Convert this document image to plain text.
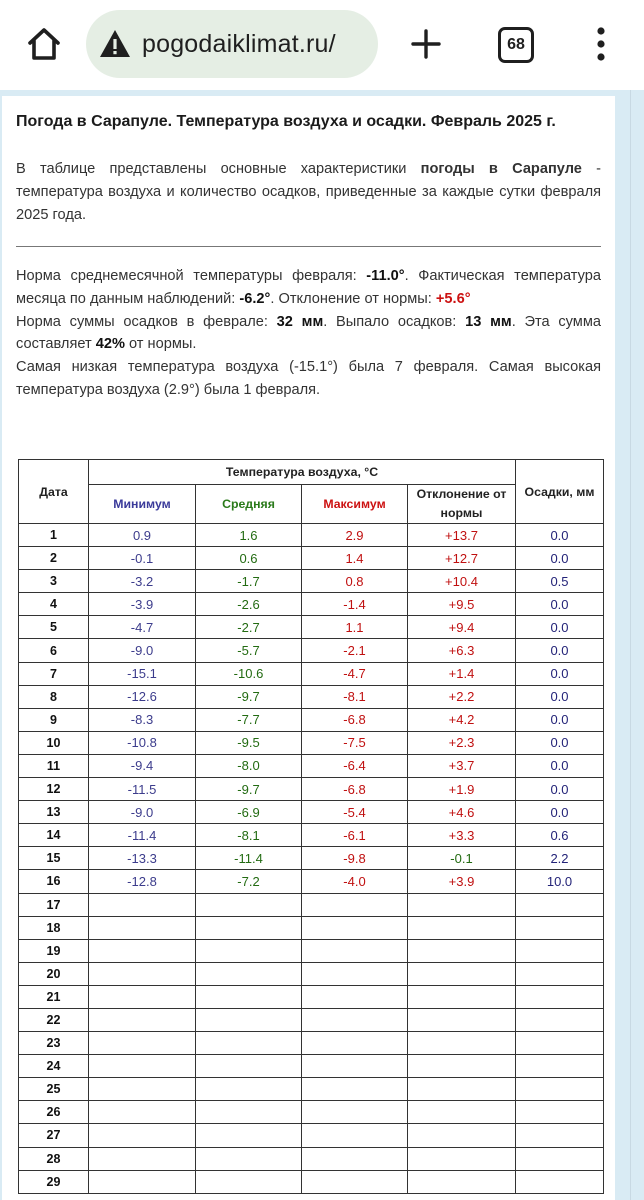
pogodaiklimat.ru/	68
Погода в Сарапуле. Температура воздуха и осадки. Февраль 2025 г.

В таблице представлены основные характеристики погоды в Сарапуле - температура воздуха и количество осадков, приведенные за каждые сутки февраля 2025 года.

Норма среднемесячной температуры февраля: -11.0°. Фактическая температура месяца по данным наблюдений: -6.2°. Отклонение от нормы: +5.6°
Норма суммы осадков в феврале: 32 мм. Выпало осадков: 13 мм. Эта сумма составляет 42% от нормы.
Самая низкая температура воздуха (-15.1°) была 7 февраля. Самая высокая температура воздуха (2.9°) была 1 февраля.

Дата	Температура воздуха, °C				Осадки, мм
	Минимум	Средняя	Максимум	Отклонение от нормы	
1	0.9	1.6	2.9	+13.7	0.0
2	-0.1	0.6	1.4	+12.7	0.0
3	-3.2	-1.7	0.8	+10.4	0.5
4	-3.9	-2.6	-1.4	+9.5	0.0
5	-4.7	-2.7	1.1	+9.4	0.0
6	-9.0	-5.7	-2.1	+6.3	0.0
7	-15.1	-10.6	-4.7	+1.4	0.0
8	-12.6	-9.7	-8.1	+2.2	0.0
9	-8.3	-7.7	-6.8	+4.2	0.0
10	-10.8	-9.5	-7.5	+2.3	0.0
11	-9.4	-8.0	-6.4	+3.7	0.0
12	-11.5	-9.7	-6.8	+1.9	0.0
13	-9.0	-6.9	-5.4	+4.6	0.0
14	-11.4	-8.1	-6.1	+3.3	0.6
15	-13.3	-11.4	-9.8	-0.1	2.2
16	-12.8	-7.2	-4.0	+3.9	10.0
17					
18					
19					
20					
21					
22					
23					
24					
25					
26					
27					
28					
29					
